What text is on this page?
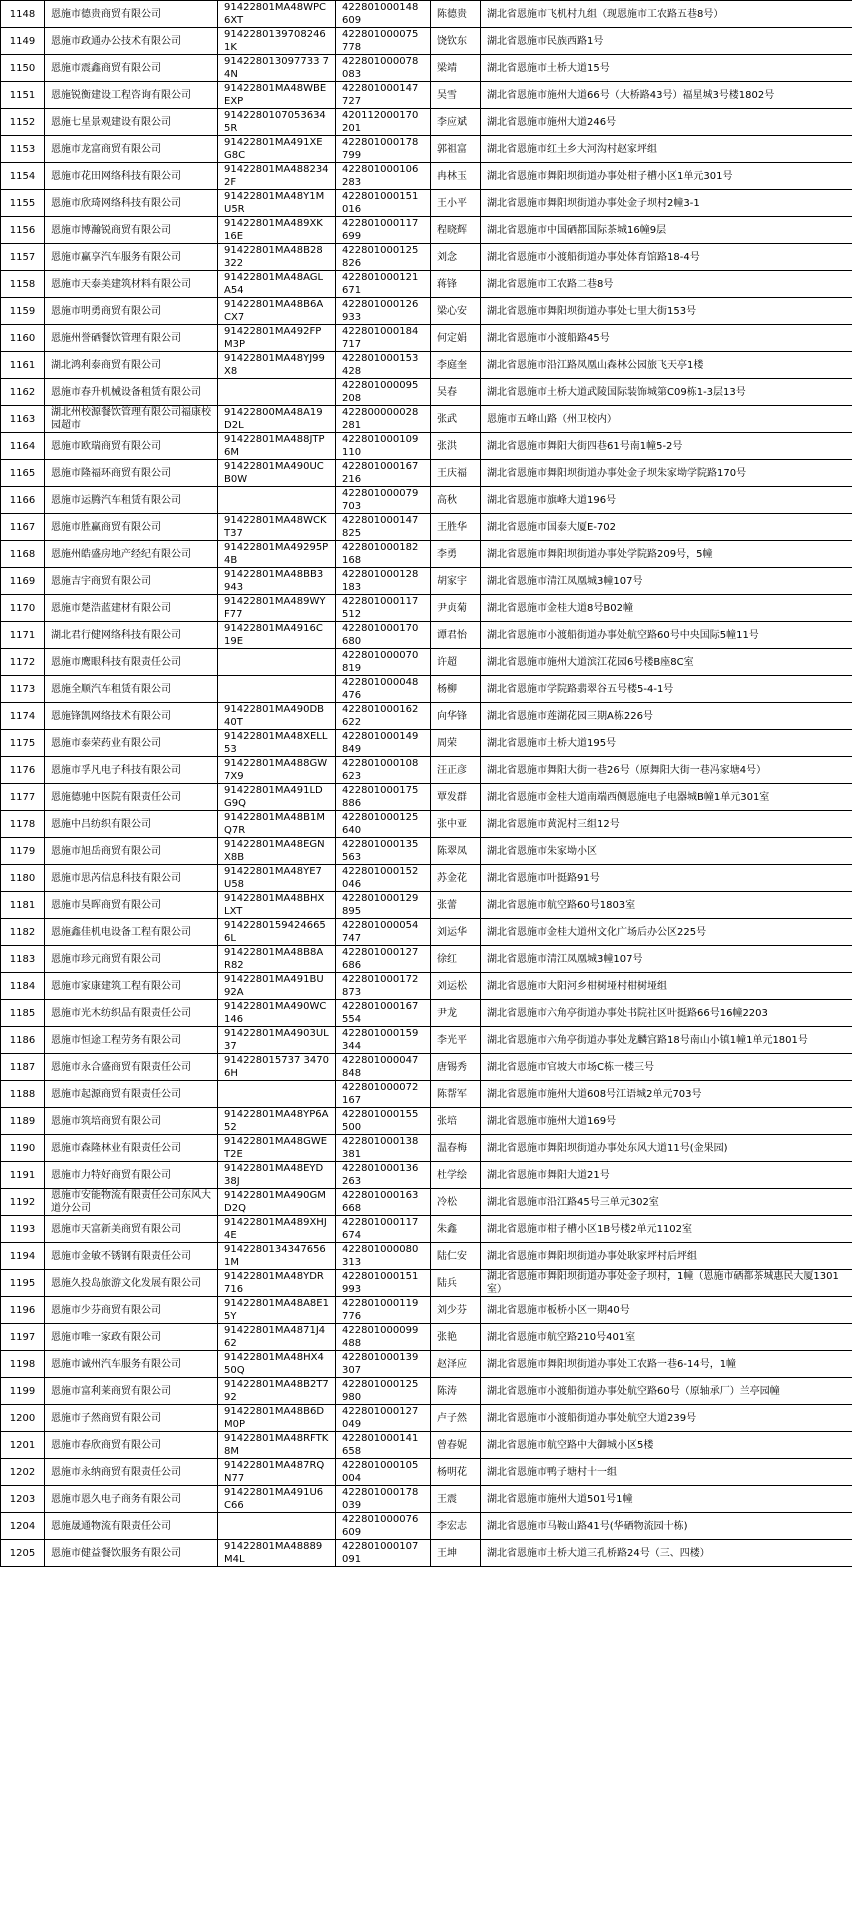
1148	恩施市德贵商贸有限公司	91422801MA48WPC6XT	422801000148609	陈德贵	湖北省恩施市飞机村九组（现恩施市工农路五巷8号）
1149	恩施市政通办公技术有限公司	9142280139708246 1K	422801000075778	饶钦东	湖北省恩施市民族西路1号
1150	恩施市震鑫商贸有限公司	914228013097733 74N	422801000078083	梁靖	湖北省恩施市土桥大道15号
1151	恩施锐衡建设工程咨询有限公司	91422801MA48WBEEXP	422801000147727	吴雪	湖北省恩施市施州大道66号（大桥路43号）福星城3号楼1802号
1152	恩施七星景观建设有限公司	91422801070536345R	420112000170201	李应斌	湖北省恩施市施州大道246号
1153	恩施市龙富商贸有限公司	91422801MA491XEG8C	422801000178799	郭祖富	湖北省恩施市红土乡大河沟村赵家坪组
1154	恩施市花田网络科技有限公司	91422801MA4882342F	422801000106283	冉林玉	湖北省恩施市舞阳坝街道办事处柑子槽小区1单元301号
1155	恩施市欣琦网络科技有限公司	91422801MA48Y1MU5R	422801000151016	王小平	湖北省恩施市舞阳坝街道办事处金子坝村2幢3-1
1156	恩施市博瀚锐商贸有限公司	91422801MA489XK16E	422801000117699	程晓辉	湖北省恩施市中国硒都国际茶城16幢9层
1157	恩施市赢享汽车服务有限公司	91422801MA48B28322	422801000125826	刘念	湖北省恩施市小渡船街道办事处体育馆路18-4号
1158	恩施市天泰美建筑材料有限公司	91422801MA48AGLA54	422801000121671	蒋锋	湖北省恩施市工农路二巷8号
1159	恩施市明勇商贸有限公司	91422801MA48B6ACX7	422801000126933	梁心安	湖北省恩施市舞阳坝街道办事处七里大街153号
1160	恩施州誉硒餐饮管理有限公司	91422801MA492FPM3P	422801000184717	何定娟	湖北省恩施市小渡船路45号
1161	湖北鸿利泰商贸有限公司	91422801MA48YJ99X8	422801000153428	李庭奎	湖北省恩施市沿江路凤凰山森林公园旅飞天亭1楼
1162	恩施市春升机械设备租赁有限公司		422801000095208	吴春	湖北省恩施市土桥大道武陵国际装饰城第C09栋1-3层13号
1163	湖北州校源餐饮管理有限公司福康校园超市	91422800MA48A19D2L	422800000028281	张武	恩施市五峰山路（州卫校内）
1164	恩施市欧瑞商贸有限公司	91422801MA488JTP6M	422801000109110	张洪	湖北省恩施市舞阳大街四巷61号南1幢5-2号
1165	恩施市隆福环商贸有限公司	91422801MA490UCB0W	422801000167216	王庆福	湖北省恩施市舞阳坝街道办事处金子坝朱家坳学院路170号
1166	恩施市运腾汽车租赁有限公司		422801000079703	高秋	湖北省恩施市旗峰大道196号
1167	恩施市胜赢商贸有限公司	91422801MA48WCKT37	422801000147825	王胜华	湖北省恩施市国泰大厦E-702
1168	恩施州皓盛房地产经纪有限公司	91422801MA49295P4B	422801000182168	李勇	湖北省恩施市舞阳坝街道办事处学院路209号，5幢
1169	恩施吉宇商贸有限公司	91422801MA48BB3943	422801000128183	胡家宇	湖北省恩施市清江凤凰城3幢107号
1170	恩施市楚浩蓝建材有限公司	91422801MA489WYF77	422801000117512	尹贞菊	湖北省恩施市金桂大道8号B02幢
1171	湖北君行健网络科技有限公司	91422801MA4916C19E	422801000170680	谭君怡	湖北省恩施市小渡船街道办事处航空路60号中央国际5幢11号
1172	恩施市鹰眼科技有限责任公司		422801000070819	许超	湖北省恩施市施州大道滨江花园6号楼B座8C室
1173	恩施全顺汽车租赁有限公司		422801000048476	杨柳	湖北省恩施市学院路翡翠谷五号楼5-4-1号
1174	恩施锋凯网络技术有限公司	91422801MA490DB40T	422801000162622	向华锋	湖北省恩施市莲湖花园三期A栋226号
1175	恩施市泰荣药业有限公司	91422801MA48XELL53	422801000149849	周荣	湖北省恩施市土桥大道195号
1176	恩施市孚凡电子科技有限公司	91422801MA488GW7X9	422801000108623	汪正彦	湖北省恩施市舞阳大街一巷26号（原舞阳大街一巷冯家塘4号）
1177	恩施德驰中医院有限责任公司	91422801MA491LDG9Q	422801000175886	覃发群	湖北省恩施市金桂大道南端西侧恩施电子电器城B幢1单元301室
1178	恩施中吕纺织有限公司	91422801MA48B1MQ7R	422801000125640	张中亚	湖北省恩施市黄泥村三组12号
1179	恩施市旭岳商贸有限公司	91422801MA48EGNX8B	422801000135563	陈翠凤	湖北省恩施市朱家坳小区
1180	恩施市思芮信息科技有限公司	91422801MA48YE7U58	422801000152046	苏金花	湖北省恩施市叶挺路91号
1181	恩施市昊晖商贸有限公司	91422801MA48BHXLXT	422801000129895	张蕾	湖北省恩施市航空路60号1803室
1182	恩施鑫佳机电设备工程有限公司	91422801594246656L	422801000054747	刘运华	湖北省恩施市金桂大道州文化广场后办公区225号
1183	恩施市珍元商贸有限公司	91422801MA48B8AR82	422801000127686	徐红	湖北省恩施市清江凤凰城3幢107号
1184	恩施市家康建筑工程有限公司	91422801MA491BU92A	422801000172873	刘运松	湖北省恩施市大阳河乡柑树垭村柑树垭组
1185	恩施市光木纺织品有限责任公司	91422801MA490WC146	422801000167554	尹龙	湖北省恩施市六角亭街道办事处书院社区叶挺路66号16幢2203
1186	恩施市恒途工程劳务有限公司	91422801MA4903UL37	422801000159344	李光平	湖北省恩施市六角亭街道办事处龙麟宫路18号南山小镇1幢1单元1801号
1187	恩施市永合盛商贸有限责任公司	914228015737 34706H	422801000047848	唐锡秀	湖北省恩施市官坡大市场C栋一楼三号
1188	恩施市起源商贸有限责任公司		422801000072167	陈帮军	湖北省恩施市施州大道608号江语城2单元703号
1189	恩施市筑培商贸有限公司	91422801MA48YP6A52	422801000155500	张培	湖北省恩施市施州大道169号
1190	恩施市森隆林业有限责任公司	91422801MA48GWET2E	422801000138381	温春梅	湖北省恩施市舞阳坝街道办事处东风大道11号(金果园)
1191	恩施市力特好商贸有限公司	91422801MA48EYD38J	422801000136263	杜学绘	湖北省恩施市舞阳大道21号
1192	恩施市安能物流有限责任公司东风大道分公司	91422801MA490GMD2Q	422801000163668	冷松	湖北省恩施市沿江路45号三单元302室
1193	恩施市天富新美商贸有限公司	91422801MA489XHJ4E	422801000117674	朱鑫	湖北省恩施市柑子槽小区1B号楼2单元1102室
1194	恩施市金敏不锈钢有限责任公司	9142280134347656 1M	422801000080313	陆仁安	湖北省恩施市舞阳坝街道办事处耿家坪村后坪组
1195	恩施久投岛旅游文化发展有限公司	91422801MA48YDR716	422801000151993	陆兵	湖北省恩施市舞阳坝街道办事处金子坝村，1幢（恩施市硒都茶城惠民大厦1301室）
1196	恩施市少芬商贸有限公司	91422801MA48A8E15Y	422801000119776	刘少芬	湖北省恩施市板桥小区一期40号
1197	恩施市唯一家政有限公司	91422801MA4871J462	422801000099488	张艳	湖北省恩施市航空路210号401室
1198	恩施市诚州汽车服务有限公司	91422801MA48HX450Q	422801000139307	赵泽应	湖北省恩施市舞阳坝街道办事处工农路一巷6-14号，1幢
1199	恩施市富利莱商贸有限公司	91422801MA48B2T792	422801000125980	陈涛	湖北省恩施市小渡船街道办事处航空路60号（原轴承厂）兰亭园幢
1200	恩施市子然商贸有限公司	91422801MA48B6DM0P	422801000127049	卢子然	湖北省恩施市小渡船街道办事处航空大道239号
1201	恩施市春欣商贸有限公司	91422801MA48RFTK8M	422801000141658	曾春妮	湖北省恩施市航空路中大御城小区5楼
1202	恩施市永纳商贸有限责任公司	91422801MA487RQN77	422801000105004	杨明花	湖北省恩施市鸭子塘村十一组
1203	恩施市恩久电子商务有限公司	91422801MA491U6C66	422801000178039	王震	湖北省恩施市施州大道501号1幢
1204	恩施晟通物流有限责任公司		422801000076609	李宏志	湖北省恩施市马鞍山路41号(华硒物流园十栋)
1205	恩施市健益餐饮服务有限公司	91422801MA48889M4L	422801000107091	王坤	湖北省恩施市土桥大道三孔桥路24号（三、四楼）
